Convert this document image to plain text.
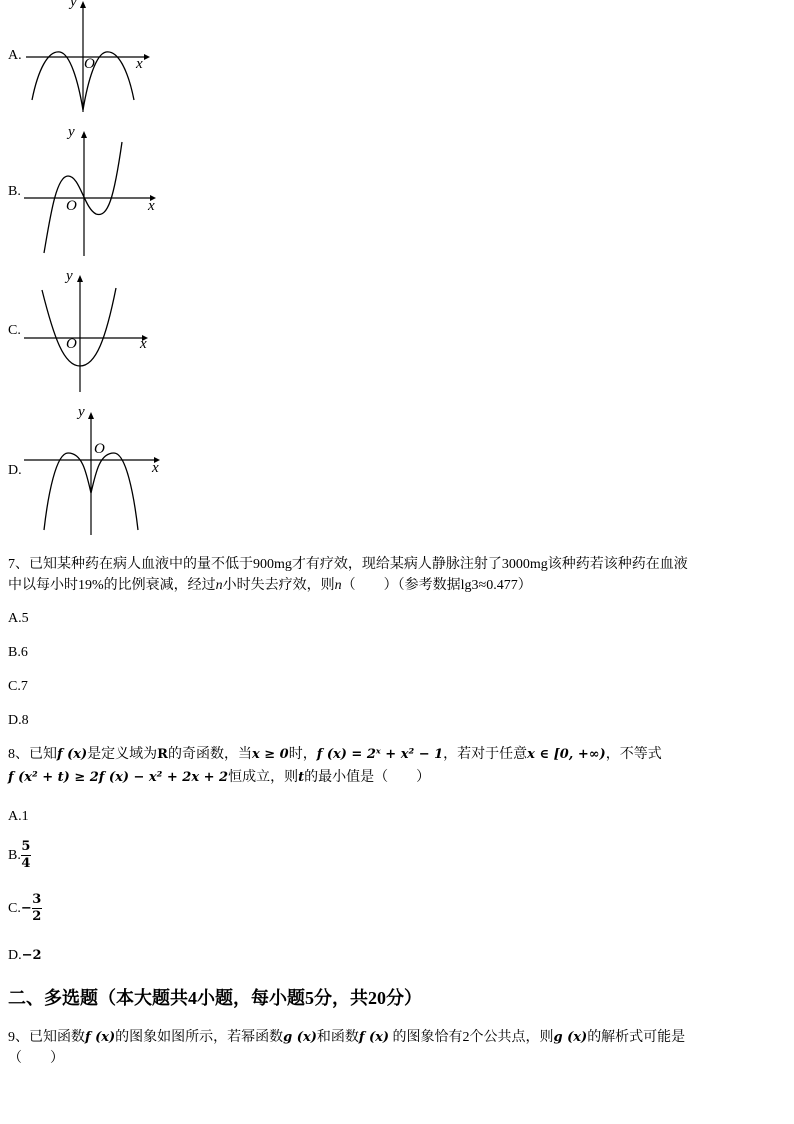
A.
y
x
O
B.
y
x
O
C.
y
x
O
D.
y
x
O
7、已知某种药在病人血液中的量不低于900mg才有疗效，现给某病人静脉注射了3000mg该种药若该种药在血液
中以每小时19%的比例衰减，经过n小时失去疗效，则n（　　）（参考数据lg3≈0.477）
A.5
B.6
C.7
D.8
8、已知f (x)是定义域为R的奇函数，当x ≥ 0时，f (x) = 2ˣ + x² − 1，若对于任意x ∈ [0, +∞)，不等式
f (x² + t) ≥ 2f (x) − x² + 2x + 2恒成立，则t的最小值是（　　）
A.1
B. $\frac{5}{4}$
C. − $\frac{3}{2}$
D.−2
二、多选题（本大题共4小题，每小题5分，共20分）
9、已知函数f (x)的图象如图所示，若幂函数g (x)和函数f (x) 的图象恰有2个公共点，则g (x)的解析式可能是
（　　）
